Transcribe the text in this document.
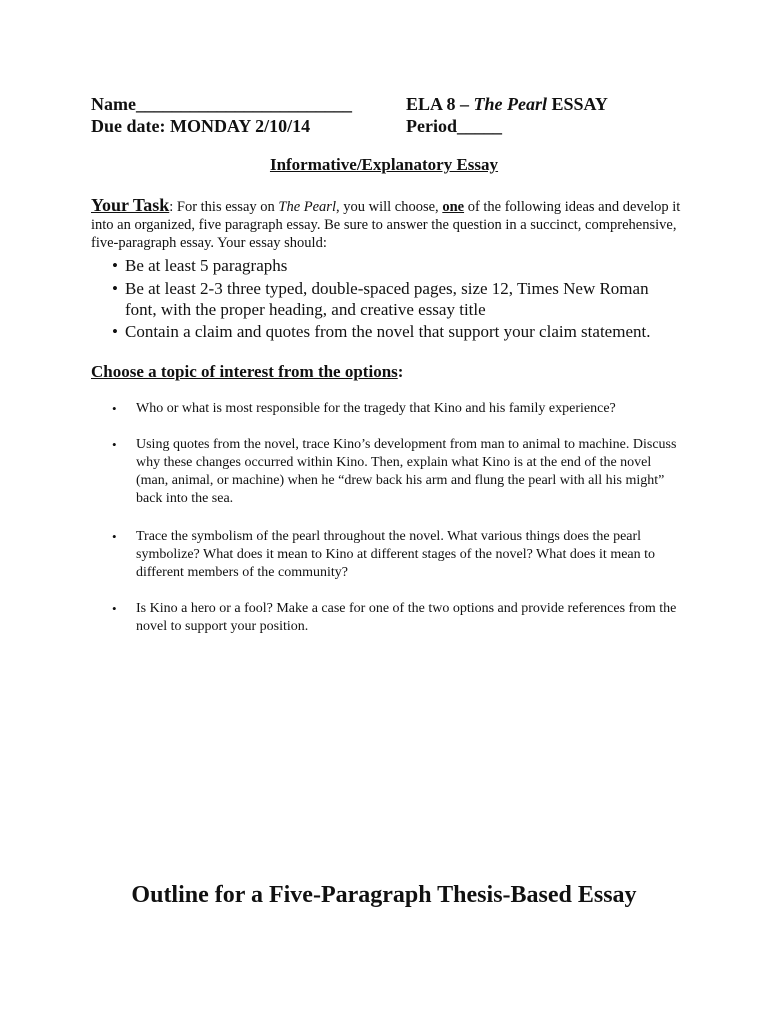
Name________________________
Due date: MONDAY 2/10/14
ELA 8 – The Pearl ESSAY
Period_____
Informative/Explanatory Essay
Your Task: For this essay on The Pearl, you will choose, one of the following ideas and develop it into an organized, five paragraph essay. Be sure to answer the question in a succinct, comprehensive, five-paragraph essay. Your essay should:
• Be at least 5 paragraphs
• Be at least 2-3 three typed, double-spaced pages, size 12, Times New Roman font, with the proper heading, and creative essay title
• Contain a claim and quotes from the novel that support your claim statement.
Choose a topic of interest from the options:
• Who or what is most responsible for the tragedy that Kino and his family experience?
• Using quotes from the novel, trace Kino’s development from man to animal to machine. Discuss why these changes occurred within Kino. Then, explain what Kino is at the end of the novel (man, animal, or machine) when he “drew back his arm and flung the pearl with all his might” back into the sea.
• Trace the symbolism of the pearl throughout the novel. What various things does the pearl symbolize? What does it mean to Kino at different stages of the novel? What does it mean to different members of the community?
• Is Kino a hero or a fool? Make a case for one of the two options and provide references from the novel to support your position.
Outline for a Five-Paragraph Thesis-Based Essay
